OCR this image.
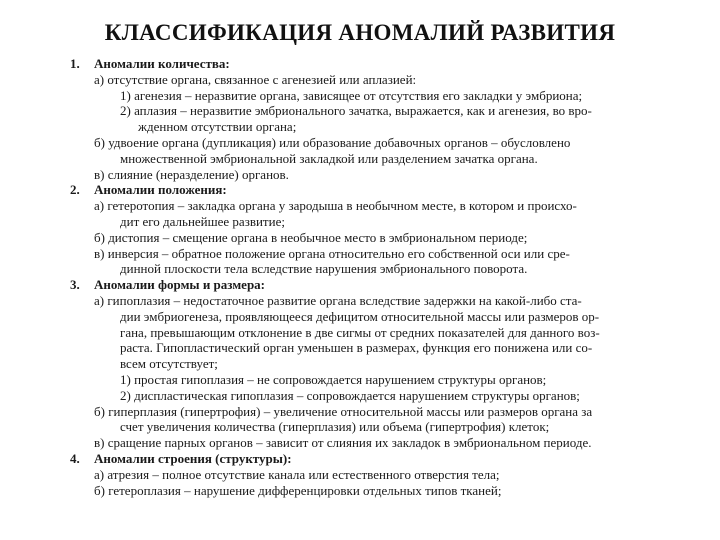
КЛАССИФИКАЦИЯ АНОМАЛИЙ РАЗВИТИЯ
1. Аномалии количества:
а) отсутствие органа, связанное с агенезией или аплазией:
1) агенезия – неразвитие органа, зависящее от отсутствия его закладки у эмбриона;
2) аплазия – неразвитие эмбрионального зачатка, выражается, как и агенезия, во вро-
жденном отсутствии органа;
б) удвоение органа (дупликация) или образование добавочных органов – обусловлено
множественной эмбриональной закладкой или разделением зачатка органа.
в) слияние (неразделение) органов.
2. Аномалии положения:
а) гетеротопия – закладка органа у зародыша в необычном месте, в котором и происхо-
дит его дальнейшее развитие;
б) дистопия – смещение органа в необычное место в эмбриональном периоде;
в) инверсия – обратное положение органа относительно его собственной оси или сре-
динной плоскости тела вследствие нарушения эмбрионального поворота.
3. Аномалии формы и размера:
а) гипоплазия – недостаточное развитие органа вследствие задержки на какой-либо ста-
дии эмбриогенеза, проявляющееся дефицитом относительной массы или размеров ор-
гана, превышающим отклонение в две сигмы от средних показателей для данного воз-
раста. Гипопластический орган уменьшен в размерах, функция его понижена или со-
всем отсутствует;
1) простая гипоплазия – не сопровождается нарушением структуры органов;
2) диспластическая гипоплазия – сопровождается нарушением структуры органов;
б) гиперплазия (гипертрофия) – увеличение относительной массы или размеров органа за
счет увеличения количества (гиперплазия) или объема (гипертрофия) клеток;
в) сращение парных органов – зависит от слияния их закладок в эмбриональном периоде.
4. Аномалии строения (структуры):
а) атрезия – полное отсутствие канала или естественного отверстия тела;
б) гетероплазия – нарушение дифференцировки отдельных типов тканей;
